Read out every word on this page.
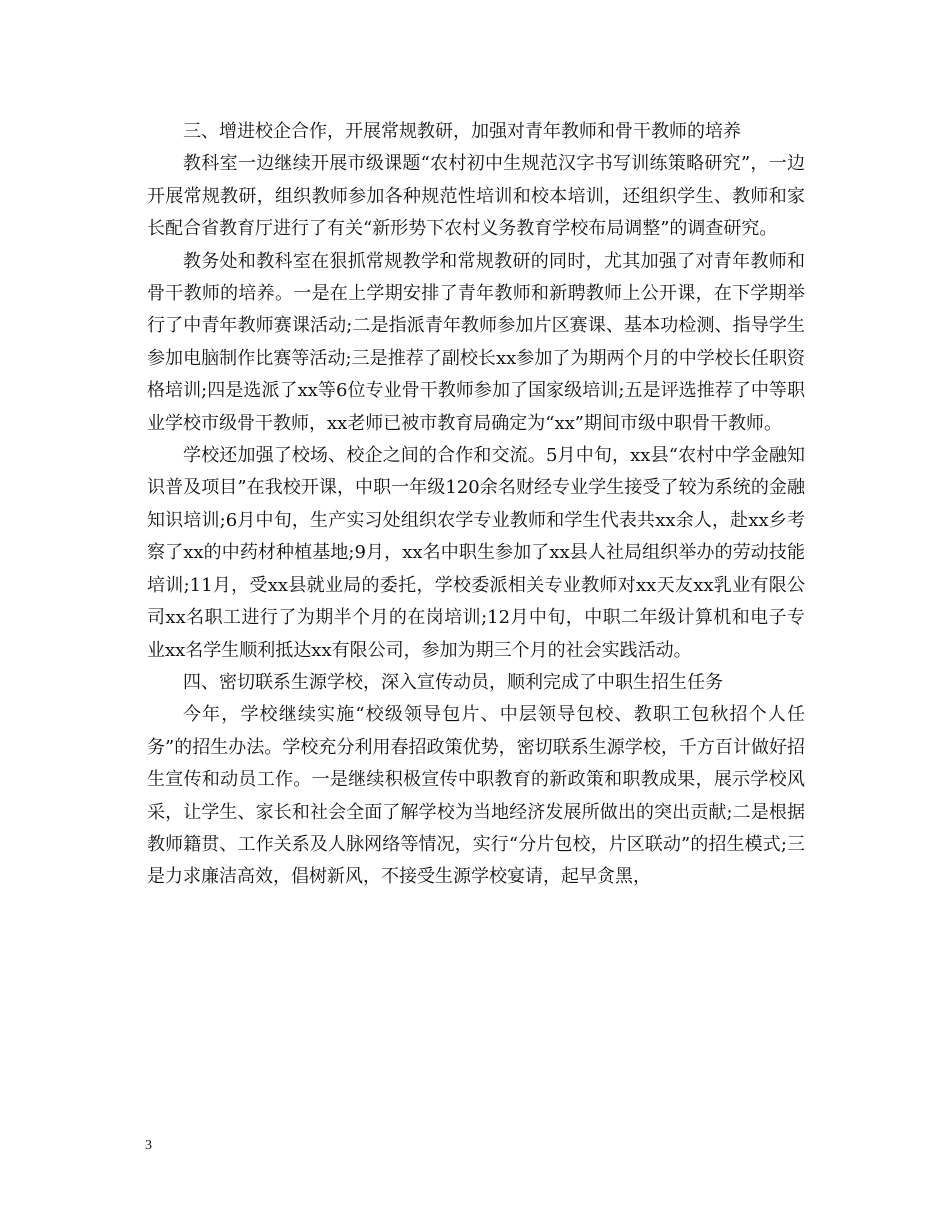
三、增进校企合作，开展常规教研，加强对青年教师和骨干教师的培养

教科室一边继续开展市级课题“农村初中生规范汉字书写训练策略研究”，一边开展常规教研，组织教师参加各种规范性培训和校本培训，还组织学生、教师和家长配合省教育厅进行了有关“新形势下农村义务教育学校布局调整”的调查研究。

教务处和教科室在狠抓常规教学和常规教研的同时，尤其加强了对青年教师和骨干教师的培养。一是在上学期安排了青年教师和新聘教师上公开课，在下学期举行了中青年教师赛课活动;二是指派青年教师参加片区赛课、基本功检测、指导学生参加电脑制作比赛等活动;三是推荐了副校长xx参加了为期两个月的中学校长任职资格培训;四是选派了xx等6位专业骨干教师参加了国家级培训;五是评选推荐了中等职业学校市级骨干教师，xx老师已被市教育局确定为“xx”期间市级中职骨干教师。

学校还加强了校场、校企之间的合作和交流。5月中旬，xx县“农村中学金融知识普及项目”在我校开课，中职一年级120余名财经专业学生接受了较为系统的金融知识培训;6月中旬，生产实习处组织农学专业教师和学生代表共xx余人，赴xx乡考察了xx的中药材种植基地;9月，xx名中职生参加了xx县人社局组织举办的劳动技能培训;11月，受xx县就业局的委托，学校委派相关专业教师对xx天友xx乳业有限公司xx名职工进行了为期半个月的在岗培训;12月中旬，中职二年级计算机和电子专业xx名学生顺利抵达xx有限公司，参加为期三个月的社会实践活动。

四、密切联系生源学校，深入宣传动员，顺利完成了中职生招生任务

今年，学校继续实施“校级领导包片、中层领导包校、教职工包秋招个人任务”的招生办法。学校充分利用春招政策优势，密切联系生源学校，千方百计做好招生宣传和动员工作。一是继续积极宣传中职教育的新政策和职教成果，展示学校风采，让学生、家长和社会全面了解学校为当地经济发展所做出的突出贡献;二是根据教师籍贯、工作关系及人脉网络等情况，实行“分片包校，片区联动”的招生模式;三是力求廉洁高效，倡树新风，不接受生源学校宴请，起早贪黑，

3
